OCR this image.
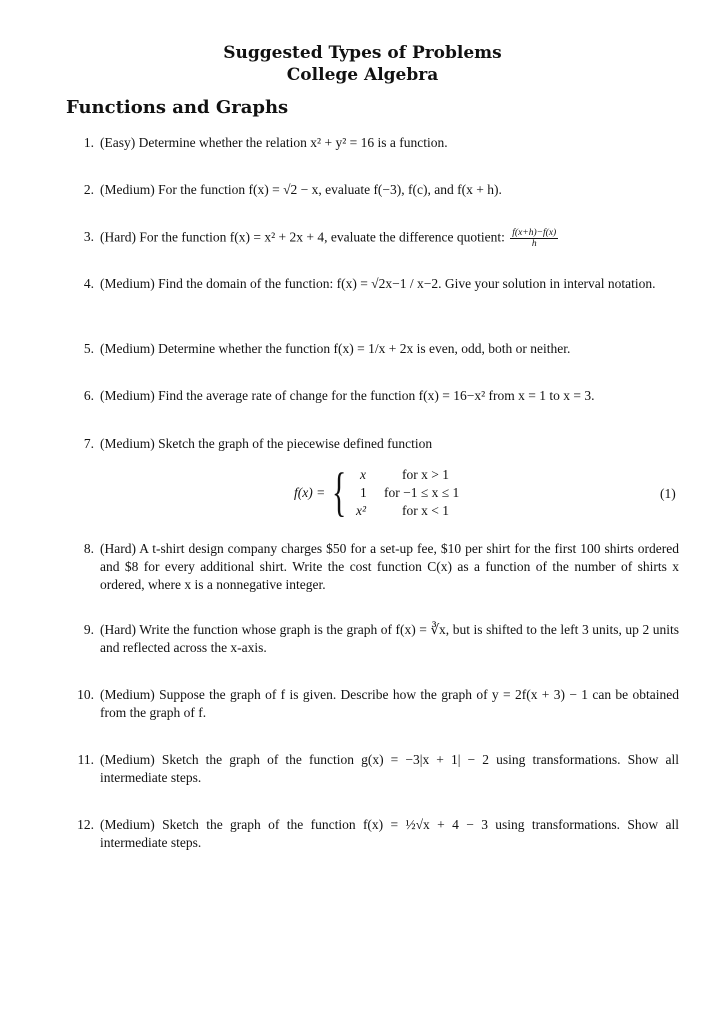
Suggested Types of Problems
College Algebra
Functions and Graphs
1. (Easy) Determine whether the relation x² + y² = 16 is a function.
2. (Medium) For the function f(x) = √2 − x, evaluate f(−3), f(c), and f(x + h).
3. (Hard) For the function f(x) = x² + 2x + 4, evaluate the difference quotient: $\frac{f(x+h)-f(x)}{h}$
4. (Medium) Find the domain of the function: f(x) = √2x−1 / x−2. Give your solution in interval notation.
5. (Medium) Determine whether the function f(x) = 1/x + 2x is even, odd, both or neither.
6. (Medium) Find the average rate of change for the function f(x) = 16−x² from x = 1 to x = 3.
7. (Medium) Sketch the graph of the piecewise defined function
f(x) = { x	for x > 1
1 for −1 ≤ x ≤ 1
x²	for x < 1
(1)
8. (Hard) A t-shirt design company charges $50 for a set-up fee, $10 per shirt for the first 100 shirts ordered and $8 for every additional shirt. Write the cost function C(x) as a function of the number of shirts x ordered, where x is a nonnegative integer.
9. (Hard) Write the function whose graph is the graph of f(x) = ∛x, but is shifted to the left 3 units, up 2 units and reflected across the x-axis.
10. (Medium) Suppose the graph of f is given. Describe how the graph of y = 2f(x + 3) − 1 can be obtained from the graph of f.
11. (Medium) Sketch the graph of the function g(x) = −3|x + 1| − 2 using transformations. Show all intermediate steps.
12. (Medium) Sketch the graph of the function f(x) = ½√x + 4 − 3 using transformations. Show all intermediate steps.
